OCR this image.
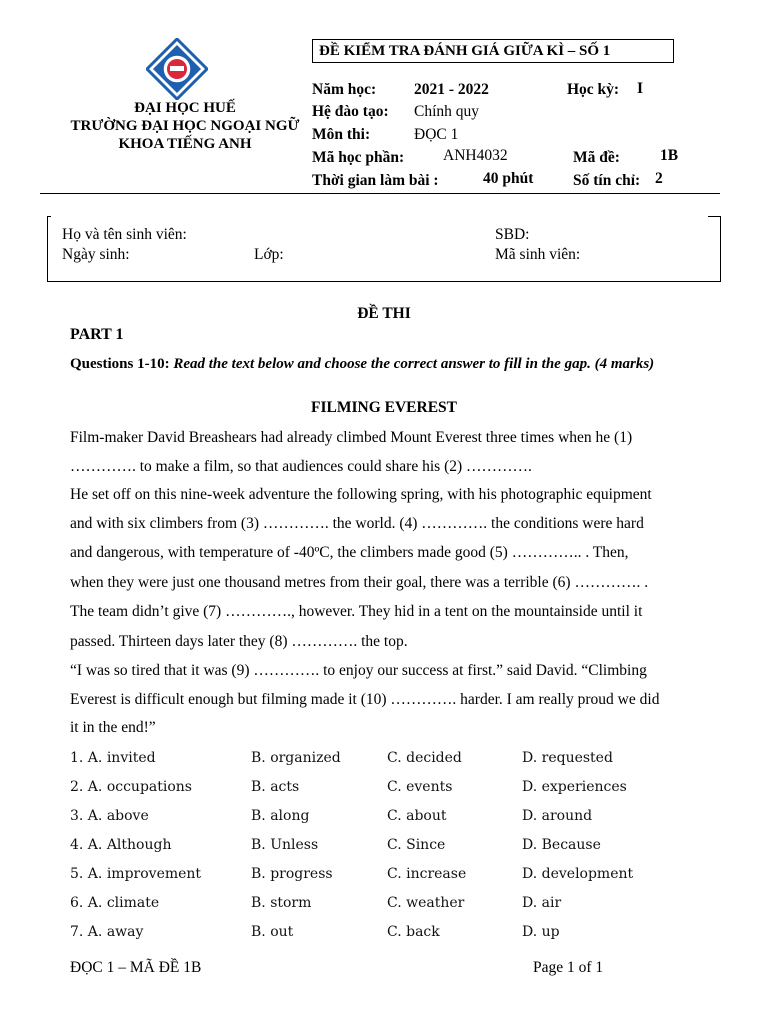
ĐẠI HỌC HUẾ
TRƯỜNG ĐẠI HỌC NGOẠI NGỮ
KHOA TIẾNG ANH
ĐỀ KIỂM TRA ĐÁNH GIÁ GIỮA KÌ – SỐ 1
Năm học: 2021 - 2022	Học kỳ: I
Hệ đào tạo: Chính quy
Môn thi:	ĐỌC 1
Mã học phần:	ANH4032	Mã đề:	1B
Thời gian làm bài :	40 phút	Số tín chỉ: 2
Họ và tên sinh viên:	SBD:
Ngày sinh:	Lớp:	Mã sinh viên:
ĐỀ THI
PART 1
Questions 1-10: Read the text below and choose the correct answer to fill in the gap. (4 marks)
FILMING EVEREST
Film-maker David Breashears had already climbed Mount Everest three times when he (1)
…………. to make a film, so that audiences could share his (2) ………….
He set off on this nine-week adventure the following spring, with his photographic equipment
and with six climbers from (3) …………. the world. (4) …………. the conditions were hard
and dangerous, with temperature of -40ºC, the climbers made good (5) ………….. . Then,
when they were just one thousand metres from their goal, there was a terrible (6) …………. .
The team didn’t give (7) …………., however. They hid in a tent on the mountainside until it
passed. Thirteen days later they (8) …………. the top.
“I was so tired that it was (9) …………. to enjoy our success at first.” said David. “Climbing
Everest is difficult enough but filming made it (10) …………. harder. I am really proud we did
it in the end!”
1. A. invited	B. organized	C. decided	D. requested
2. A. occupations	B. acts	C. events	D. experiences
3. A. above	B. along	C. about	D. around
4. A. Although	B. Unless	C. Since	D. Because
5. A. improvement	B. progress	C. increase	D. development
6. A. climate	B. storm	C. weather	D. air
7. A. away	B. out	C. back	D. up
ĐỌC 1 – MÃ ĐỀ 1B	Page 1 of 1
